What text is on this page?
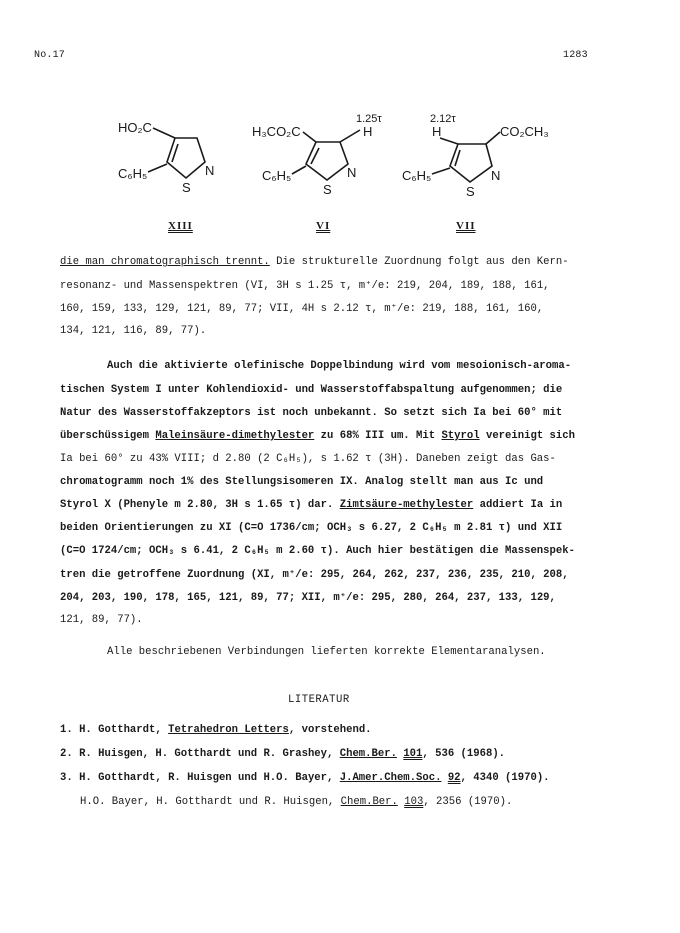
No.17	1283
HO₂C
C₆H₅	N
S
1.25τ
H
H₃CO₂C
C₆H₅	N
S
2.12τ
H	CO₂CH₃
C₆H₅	N
S
XIII	VI	VII
die man chromatographisch trennt. Die strukturelle Zuordnung folgt aus den Kern-
resonanz- und Massenspektren (VI, 3H s 1.25 τ, m⁺/e: 219, 204, 189, 188, 161,
160, 159, 133, 129, 121, 89, 77; VII, 4H s 2.12 τ, m⁺/e: 219, 188, 161, 160,
134, 121, 116, 89, 77).
Auch die aktivierte olefinische Doppelbindung wird vom mesoionisch-aroma-
tischen System I unter Kohlendioxid- und Wasserstoffabspaltung aufgenommen; die
Natur des Wasserstoffakzeptors ist noch unbekannt. So setzt sich Ia bei 60° mit
überschüssigem Maleinsäure-dimethylester zu 68% III um. Mit Styrol vereinigt sich
Ia bei 60° zu 43% VIII; d 2.80 (2 C₆H₅), s 1.62 τ (3H). Daneben zeigt das Gas-
chromatogramm noch 1% des Stellungsisomeren IX. Analog stellt man aus Ic und
Styrol X (Phenyle m 2.80, 3H s 1.65 τ) dar. Zimtsäure-methylester addiert Ia in
beiden Orientierungen zu XI (C=O 1736/cm; OCH₃ s 6.27, 2 C₆H₅ m 2.81 τ) und XII
(C=O 1724/cm; OCH₃ s 6.41, 2 C₆H₅ m 2.60 τ). Auch hier bestätigen die Massenspek-
tren die getroffene Zuordnung (XI, m⁺/e: 295, 264, 262, 237, 236, 235, 210, 208,
204, 203, 190, 178, 165, 121, 89, 77; XII, m⁺/e: 295, 280, 264, 237, 133, 129,
121, 89, 77).
Alle beschriebenen Verbindungen lieferten korrekte Elementaranalysen.
LITERATUR
1. H. Gotthardt, Tetrahedron Letters, vorstehend.
2. R. Huisgen, H. Gotthardt und R. Grashey, Chem.Ber. 101, 536 (1968).
3. H. Gotthardt, R. Huisgen und H.O. Bayer, J.Amer.Chem.Soc. 92, 4340 (1970).
H.O. Bayer, H. Gotthardt und R. Huisgen, Chem.Ber. 103, 2356 (1970).
